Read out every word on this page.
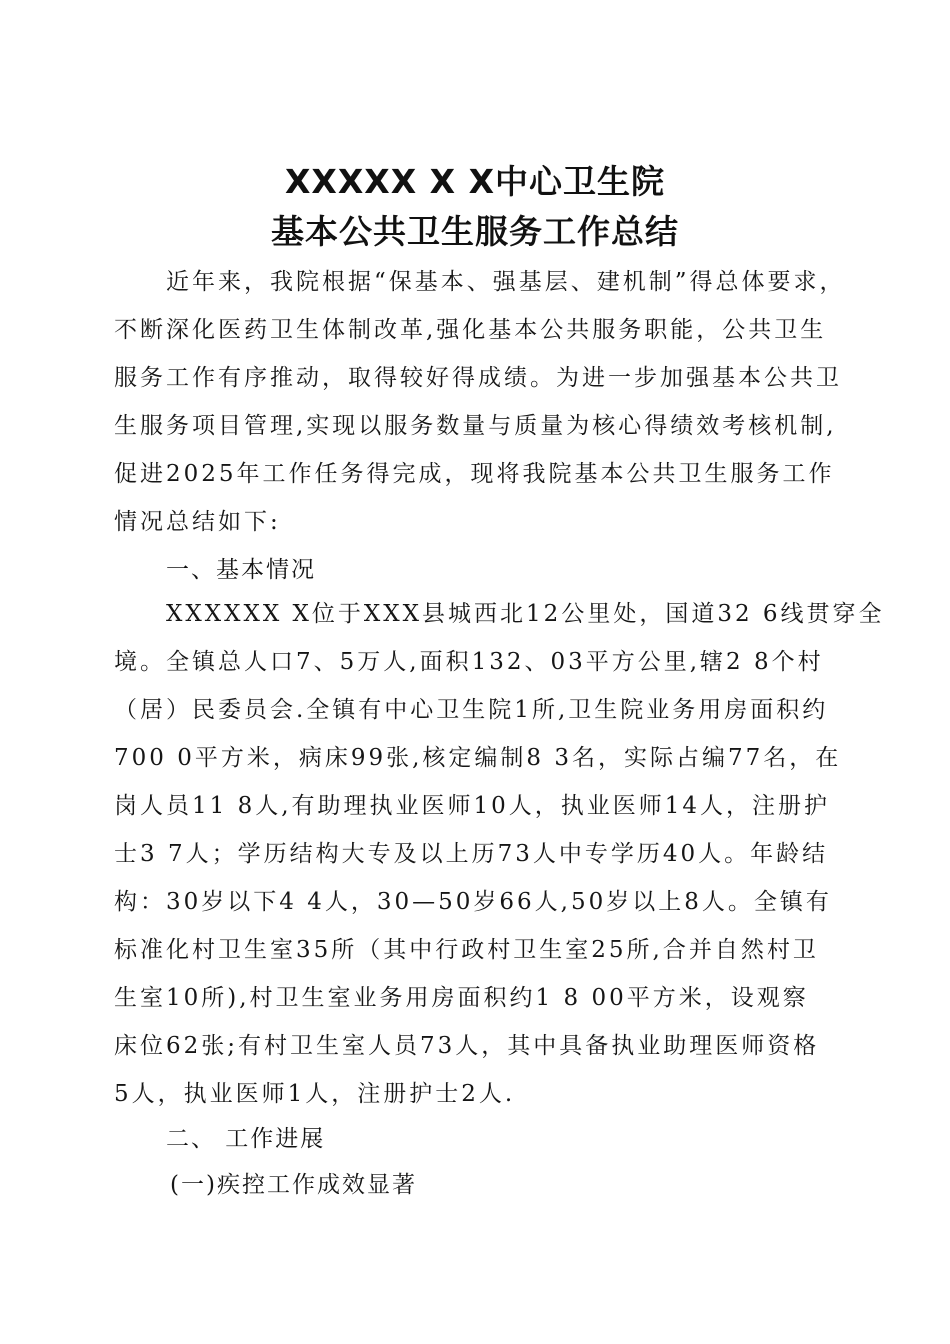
XXXXX X X中心卫生院
基本公共卫生服务工作总结
近年来，我院根据“保基本、强基层、建机制”得总体要求，
不断深化医药卫生体制改革,强化基本公共服务职能，公共卫生
服务工作有序推动，取得较好得成绩。为进一步加强基本公共卫
生服务项目管理,实现以服务数量与质量为核心得绩效考核机制,
促进2025年工作任务得完成，现将我院基本公共卫生服务工作
情况总结如下:
一、基本情况
XXXXXX X位于XXX县城西北12公里处，国道32 6线贯穿全
境。全镇总人口7、5万人,面积132、03平方公里,辖2 8个村
（居）民委员会.全镇有中心卫生院1所,卫生院业务用房面积约
700 0平方米，病床99张,核定编制8 3名，实际占编77名，在
岗人员11 8人,有助理执业医师10人，执业医师14人，注册护
士3 7人；学历结构大专及以上历73人中专学历40人。年龄结
构：30岁以下4 4人，30—50岁66人,50岁以上8人。全镇有
标准化村卫生室35所（其中行政村卫生室25所,合并自然村卫
生室10所),村卫生室业务用房面积约1 8 00平方米，设观察
床位62张;有村卫生室人员73人，其中具备执业助理医师资格
5人，执业医师1人，注册护士2人.
二、 工作进展
(一)疾控工作成效显著
